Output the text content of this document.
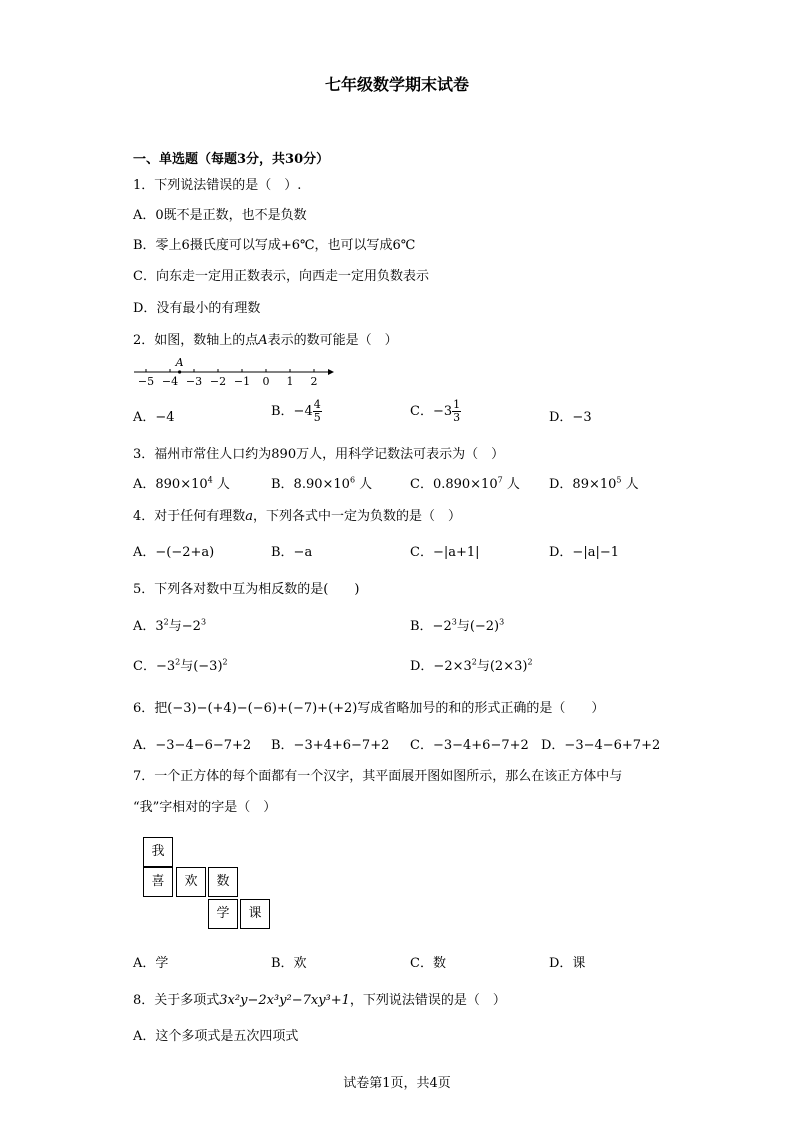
七年级数学期末试卷
一、单选题（每题3分，共30分）
1．下列说法错误的是（　）.
A．0既不是正数，也不是负数
B．零上6摄氏度可以写成+6℃，也可以写成6℃
C．向东走一定用正数表示，向西走一定用负数表示
D．没有最小的有理数
2．如图，数轴上的点A表示的数可能是（　）
−5 −4 −3 −2 −1 0 1 2
A
A．−4	B．$-4 \frac{4}{5}$	C．$-3 \frac{1}{3}$	D．−3
3．福州市常住人口约为890万人，用科学记数法可表示为（　）
A．$890\times 10^4$ 人	B．$8.90\times 10^6$ 人	C．$0.890\times 10^7$ 人 D．$89\times 10^5$ 人
4．对于任何有理数a，下列各式中一定为负数的是（　）
A．−(−2+a)	B．−a	C．−|a+1|	D．−|a|−1
5．下列各对数中互为相反数的是(　　)
A．$3^2$与$-2^3$	B．$-2^3$与$(-2)^3$
C．$-3^2$与$(-3)^2$	D．$-2\times 3^2$与$(2\times 3)^2$
6．把(−3)−(+4)−(−6)+(−7)+(+2)写成省略加号的和的形式正确的是（　　）
A．−3−4−6−7+2 B．−3+4+6−7+2 C．−3−4+6−7+2 D．−3−4−6+7+2
7．一个正方体的每个面都有一个汉字，其平面展开图如图所示，那么在该正方体中与
“我”字相对的字是（　）
我
喜	欢	数
学	课
A．学	B．欢	C．数	D．课
8．关于多项式3x²y−2x³y²−7xy³+1，下列说法错误的是（　）
A．这个多项式是五次四项式
试卷第1页，共4页
